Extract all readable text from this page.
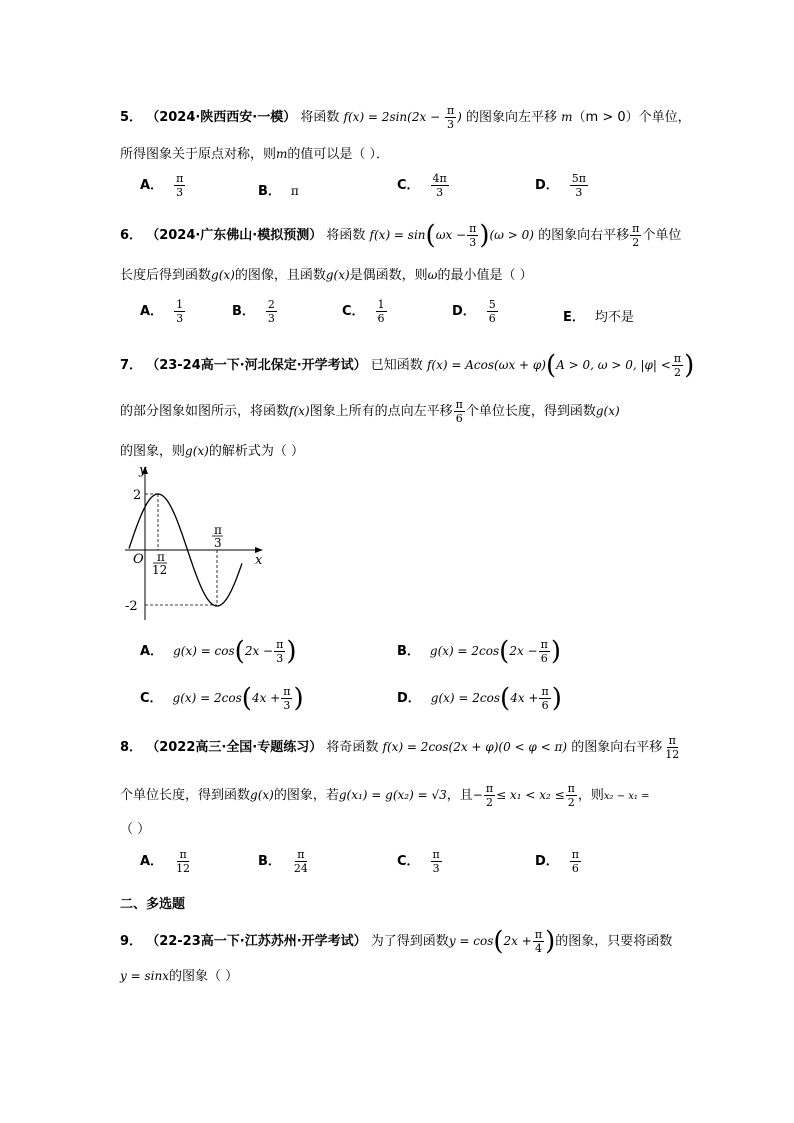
5． （2024·陕西西安·一模） 将函数 $f(x) = 2\sin(2x - \frac{\pi}{3}$ ) 的图象向左平移 m（m > 0）个单位，
所得图象关于原点对称，则m的值可以是（ ）．
A． $\frac{\pi}{3}$	B． π	C． $\frac{4\pi}{3}$	D． $\frac{5\pi}{3}$
6． （2024·广东佛山·模拟预测） 将函数 $f(x) = \sin(\omega x - \frac{\pi}{3} )(\omega > 0)$ 的图象向右平移 $\frac{\pi}{2}$ 个单位
长度后得到函数g(x)的图像，且函数g(x)是偶函数，则ω的最小值是（ ）
A． $\frac{1}{3}$	B． $\frac{2}{3}$	C． $\frac{1}{6}$	D． $\frac{5}{6}$	E． 均不是
7． （23-24高一下·河北保定·开学考试） 已知函数 f(x) = Acos(ωx + φ)(A > 0, ω > 0, $|\varphi| < \frac{\pi}{2}$ )
的部分图象如图所示，将函数f(x)图象上所有的点向左平移 $\frac{\pi}{6}$ 个单位长度，得到函数g(x)
的图象，则g(x)的解析式为（ ）
y
x
O
2
-2
π
12
π
3
A． $g(x) = \cos(2x - \frac{\pi}{3}$ )	B． $g(x) = 2\cos(2x - \frac{\pi}{6}$ )
C． $g(x) = 2\cos(4x + \frac{\pi}{3}$ )	D． $g(x) = 2\cos(4x + \frac{\pi}{6}$ )
8． （2022高三·全国·专题练习） 将奇函数 f(x) = 2cos(2x + φ)(0 < φ < π) 的图象向右平移 $\frac{\pi}{12}$
个单位长度，得到函数g(x)的图象，若g(x₁) = g(x₂) = √3，且− $\frac{\pi}{2} \le x_1 < x_2 \le \frac{\pi}{2}$ ，则x₂ − x₁ =
（ ）
A． $\frac{\pi}{12}$	B． $\frac{\pi}{24}$	C． $\frac{\pi}{3}$	D． $\frac{\pi}{6}$
二、多选题
9． （22-23高一下·江苏苏州·开学考试） 为了得到函数$y = \cos(2x + \frac{\pi}{4}$ )的图象，只要将函数
y = sinx的图象（ ）
